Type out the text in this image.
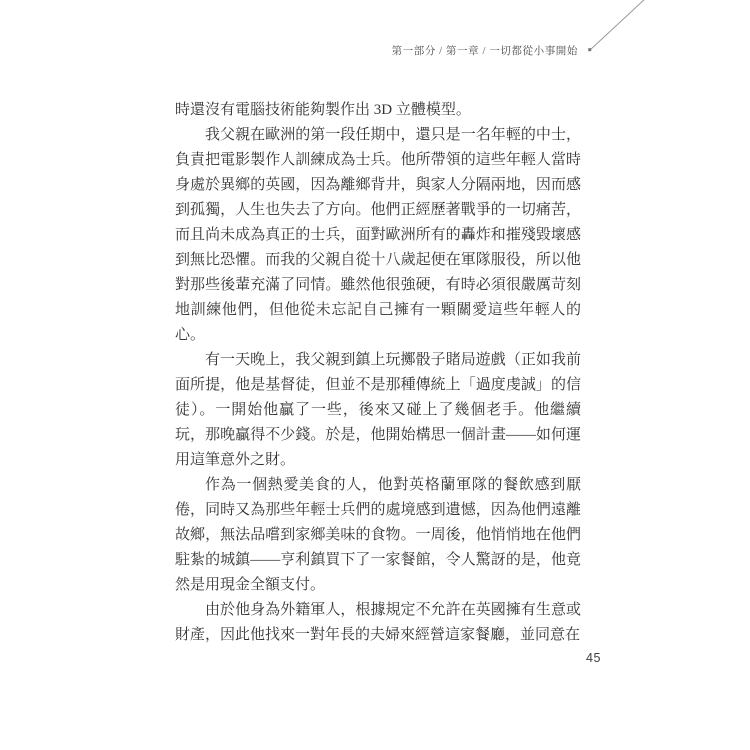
第一部分 / 第一章 / 一切都從小事開始

時還沒有電腦技術能夠製作出 3D 立體模型。

我父親在歐洲的第一段任期中，還只是一名年輕的中士，負責把電影製作人訓練成為士兵。他所帶領的這些年輕人當時身處於異鄉的英國，因為離鄉背井，與家人分隔兩地，因而感到孤獨，人生也失去了方向。他們正經歷著戰爭的一切痛苦，而且尚未成為真正的士兵，面對歐洲所有的轟炸和摧殘毀壞感到無比恐懼。而我的父親自從十八歲起便在軍隊服役，所以他對那些後輩充滿了同情。雖然他很強硬，有時必須很嚴厲苛刻地訓練他們，但他從未忘記自己擁有一顆關愛這些年輕人的心。

有一天晚上，我父親到鎮上玩擲骰子賭局遊戲（正如我前面所提，他是基督徒，但並不是那種傳統上「過度虔誠」的信徒）。一開始他贏了一些，後來又碰上了幾個老手。他繼續玩，那晚贏得不少錢。於是，他開始構思一個計畫——如何運用這筆意外之財。

作為一個熱愛美食的人，他對英格蘭軍隊的餐飲感到厭倦，同時又為那些年輕士兵們的處境感到遺憾，因為他們遠離故鄉，無法品嚐到家鄉美味的食物。一周後，他悄悄地在他們駐紮的城鎮——亨利鎮買下了一家餐館，令人驚訝的是，他竟然是用現金全額支付。

由於他身為外籍軍人，根據規定不允許在英國擁有生意或財產，因此他找來一對年長的夫婦來經營這家餐廳，並同意在

45
